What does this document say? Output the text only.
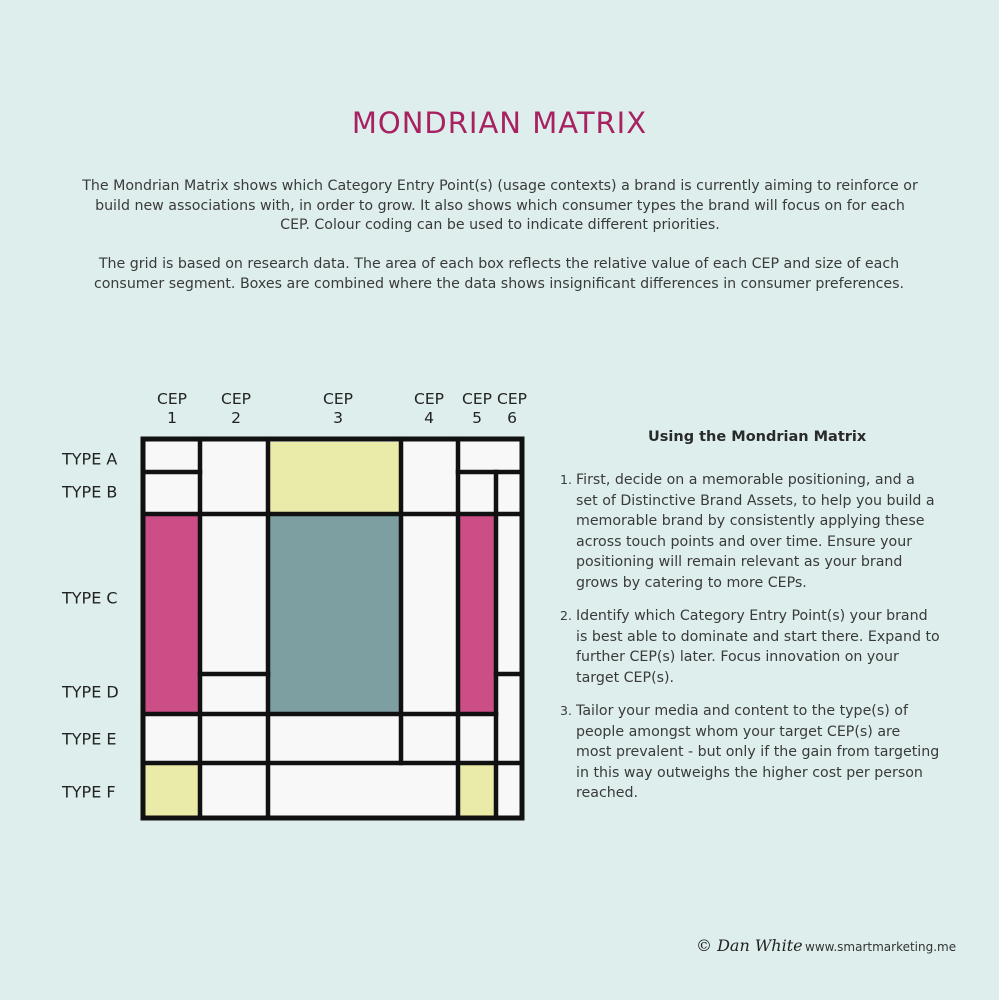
MONDRIAN MATRIX
The Mondrian Matrix shows which Category Entry Point(s) (usage contexts) a brand is currently aiming to reinforce or build new associations with, in order to grow. It also shows which consumer types the brand will focus on for each CEP. Colour coding can be used to indicate different priorities.
The grid is based on research data. The area of each box reflects the relative value of each CEP and size of each consumer segment. Boxes are combined where the data shows insignificant differences in consumer preferences.
CEP
1
CEP
2
CEP
3
CEP
4
CEP
5
CEP
6
TYPE A
TYPE B
TYPE C
TYPE D
TYPE E
TYPE F
Using the Mondrian Matrix
1. First, decide on a memorable positioning, and a set of Distinctive Brand Assets, to help you build a memorable brand by consistently applying these across touch points and over time. Ensure your positioning will remain relevant as your brand grows by catering to more CEPs.
2. Identify which Category Entry Point(s) your brand is best able to dominate and start there. Expand to further CEP(s) later. Focus innovation on your target CEP(s).
3. Tailor your media and content to the type(s) of people amongst whom your target CEP(s) are most prevalent - but only if the gain from targeting in this way outweighs the higher cost per person reached.
© Dan White www.smartmarketing.me
